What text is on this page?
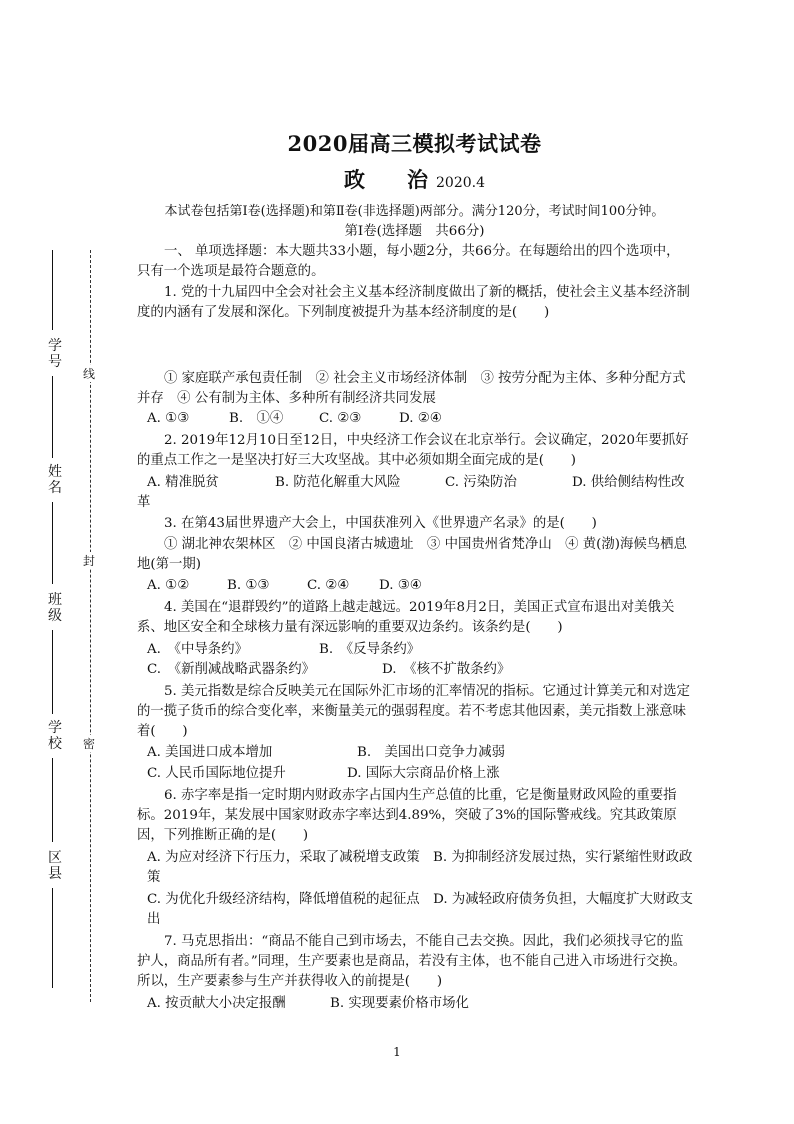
学号
姓名
班级
学校
区县
线
封
密
2020届高三模拟考试试卷
政　　治 2020.4
本试卷包括第Ⅰ卷(选择题)和第Ⅱ卷(非选择题)两部分。满分120分，考试时间100分钟。
第Ⅰ卷(选择题　共66分)
一、 单项选择题：本大题共33小题，每小题2分，共66分。在每题给出的四个选项中，只有一个选项是最符合题意的。
1. 党的十九届四中全会对社会主义基本经济制度做出了新的概括，使社会主义基本经济制度的内涵有了发展和深化。下列制度被提升为基本经济制度的是(　　)
① 家庭联产承包责任制　② 社会主义市场经济体制　③ 按劳分配为主体、多种分配方式并存　④ 公有制为主体、多种所有制经济共同发展
A. ①③	B.　①④	C. ②③	D. ②④
2. 2019年12月10日至12日，中央经济工作会议在北京举行。会议确定，2020年要抓好的重点工作之一是坚决打好三大攻坚战。其中必须如期全面完成的是(　　)
A. 精准脱贫	B. 防范化解重大风险	C. 污染防治	D. 供给侧结构性改革
3. 在第43届世界遗产大会上，中国获准列入《世界遗产名录》的是(　　)
① 湖北神农架林区　② 中国良渚古城遗址　③ 中国贵州省梵净山　④ 黄(渤)海候鸟栖息地(第一期)
A. ①②	B. ①③	C. ②④ D. ③④
4. 美国在“退群毁约”的道路上越走越远。2019年8月2日，美国正式宣布退出对美俄关系、地区安全和全球核力量有深远影响的重要双边条约。该条约是(　　)
A.　《中导条约》	B.　《反导条约》
C.　《新削减战略武器条约》	D.　《核不扩散条约》
5. 美元指数是综合反映美元在国际外汇市场的汇率情况的指标。它通过计算美元和对选定的一揽子货币的综合变化率，来衡量美元的强弱程度。若不考虑其他因素，美元指数上涨意味着(　　)
A. 美国进口成本增加	B.　美国出口竞争力减弱
C. 人民币国际地位提升	D. 国际大宗商品价格上涨
6. 赤字率是指一定时期内财政赤字占国内生产总值的比重，它是衡量财政风险的重要指标。2019年，某发展中国家财政赤字率达到4.89%，突破了3%的国际警戒线。究其政策原因，下列推断正确的是(　　)
A. 为应对经济下行压力，采取了减税增支政策　 B. 为抑制经济发展过热，实行紧缩性财政政策
C. 为优化升级经济结构，降低增值税的起征点　 D. 为减轻政府债务负担，大幅度扩大财政支出
7. 马克思指出：“商品不能自己到市场去，不能自己去交换。因此，我们必须找寻它的监护人，商品所有者。”同理，生产要素也是商品，若没有主体，也不能自己进入市场进行交换。所以，生产要素参与生产并获得收入的前提是(　　)
A. 按贡献大小决定报酬	B. 实现要素价格市场化
1
